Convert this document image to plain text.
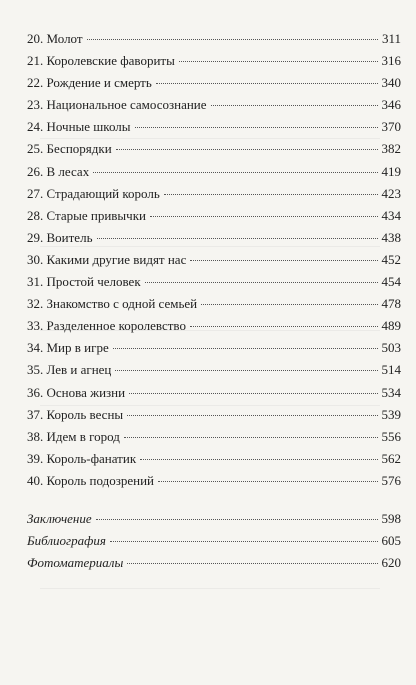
20. Молот	311
21. Королевские фавориты	316
22. Рождение и смерть	340
23. Национальное самосознание	346
24. Ночные школы	370
25. Беспорядки	382
26. В лесах	419
27. Страдающий король	423
28. Старые привычки	434
29. Воитель	438
30. Какими другие видят нас	452
31. Простой человек	454
32. Знакомство с одной семьей	478
33. Разделенное королевство	489
34. Мир в игре	503
35. Лев и агнец	514
36. Основа жизни	534
37. Король весны	539
38. Идем в город	556
39. Король-фанатик	562
40. Король подозрений	576
Заключение	598
Библиография	605
Фотоматериалы	620
